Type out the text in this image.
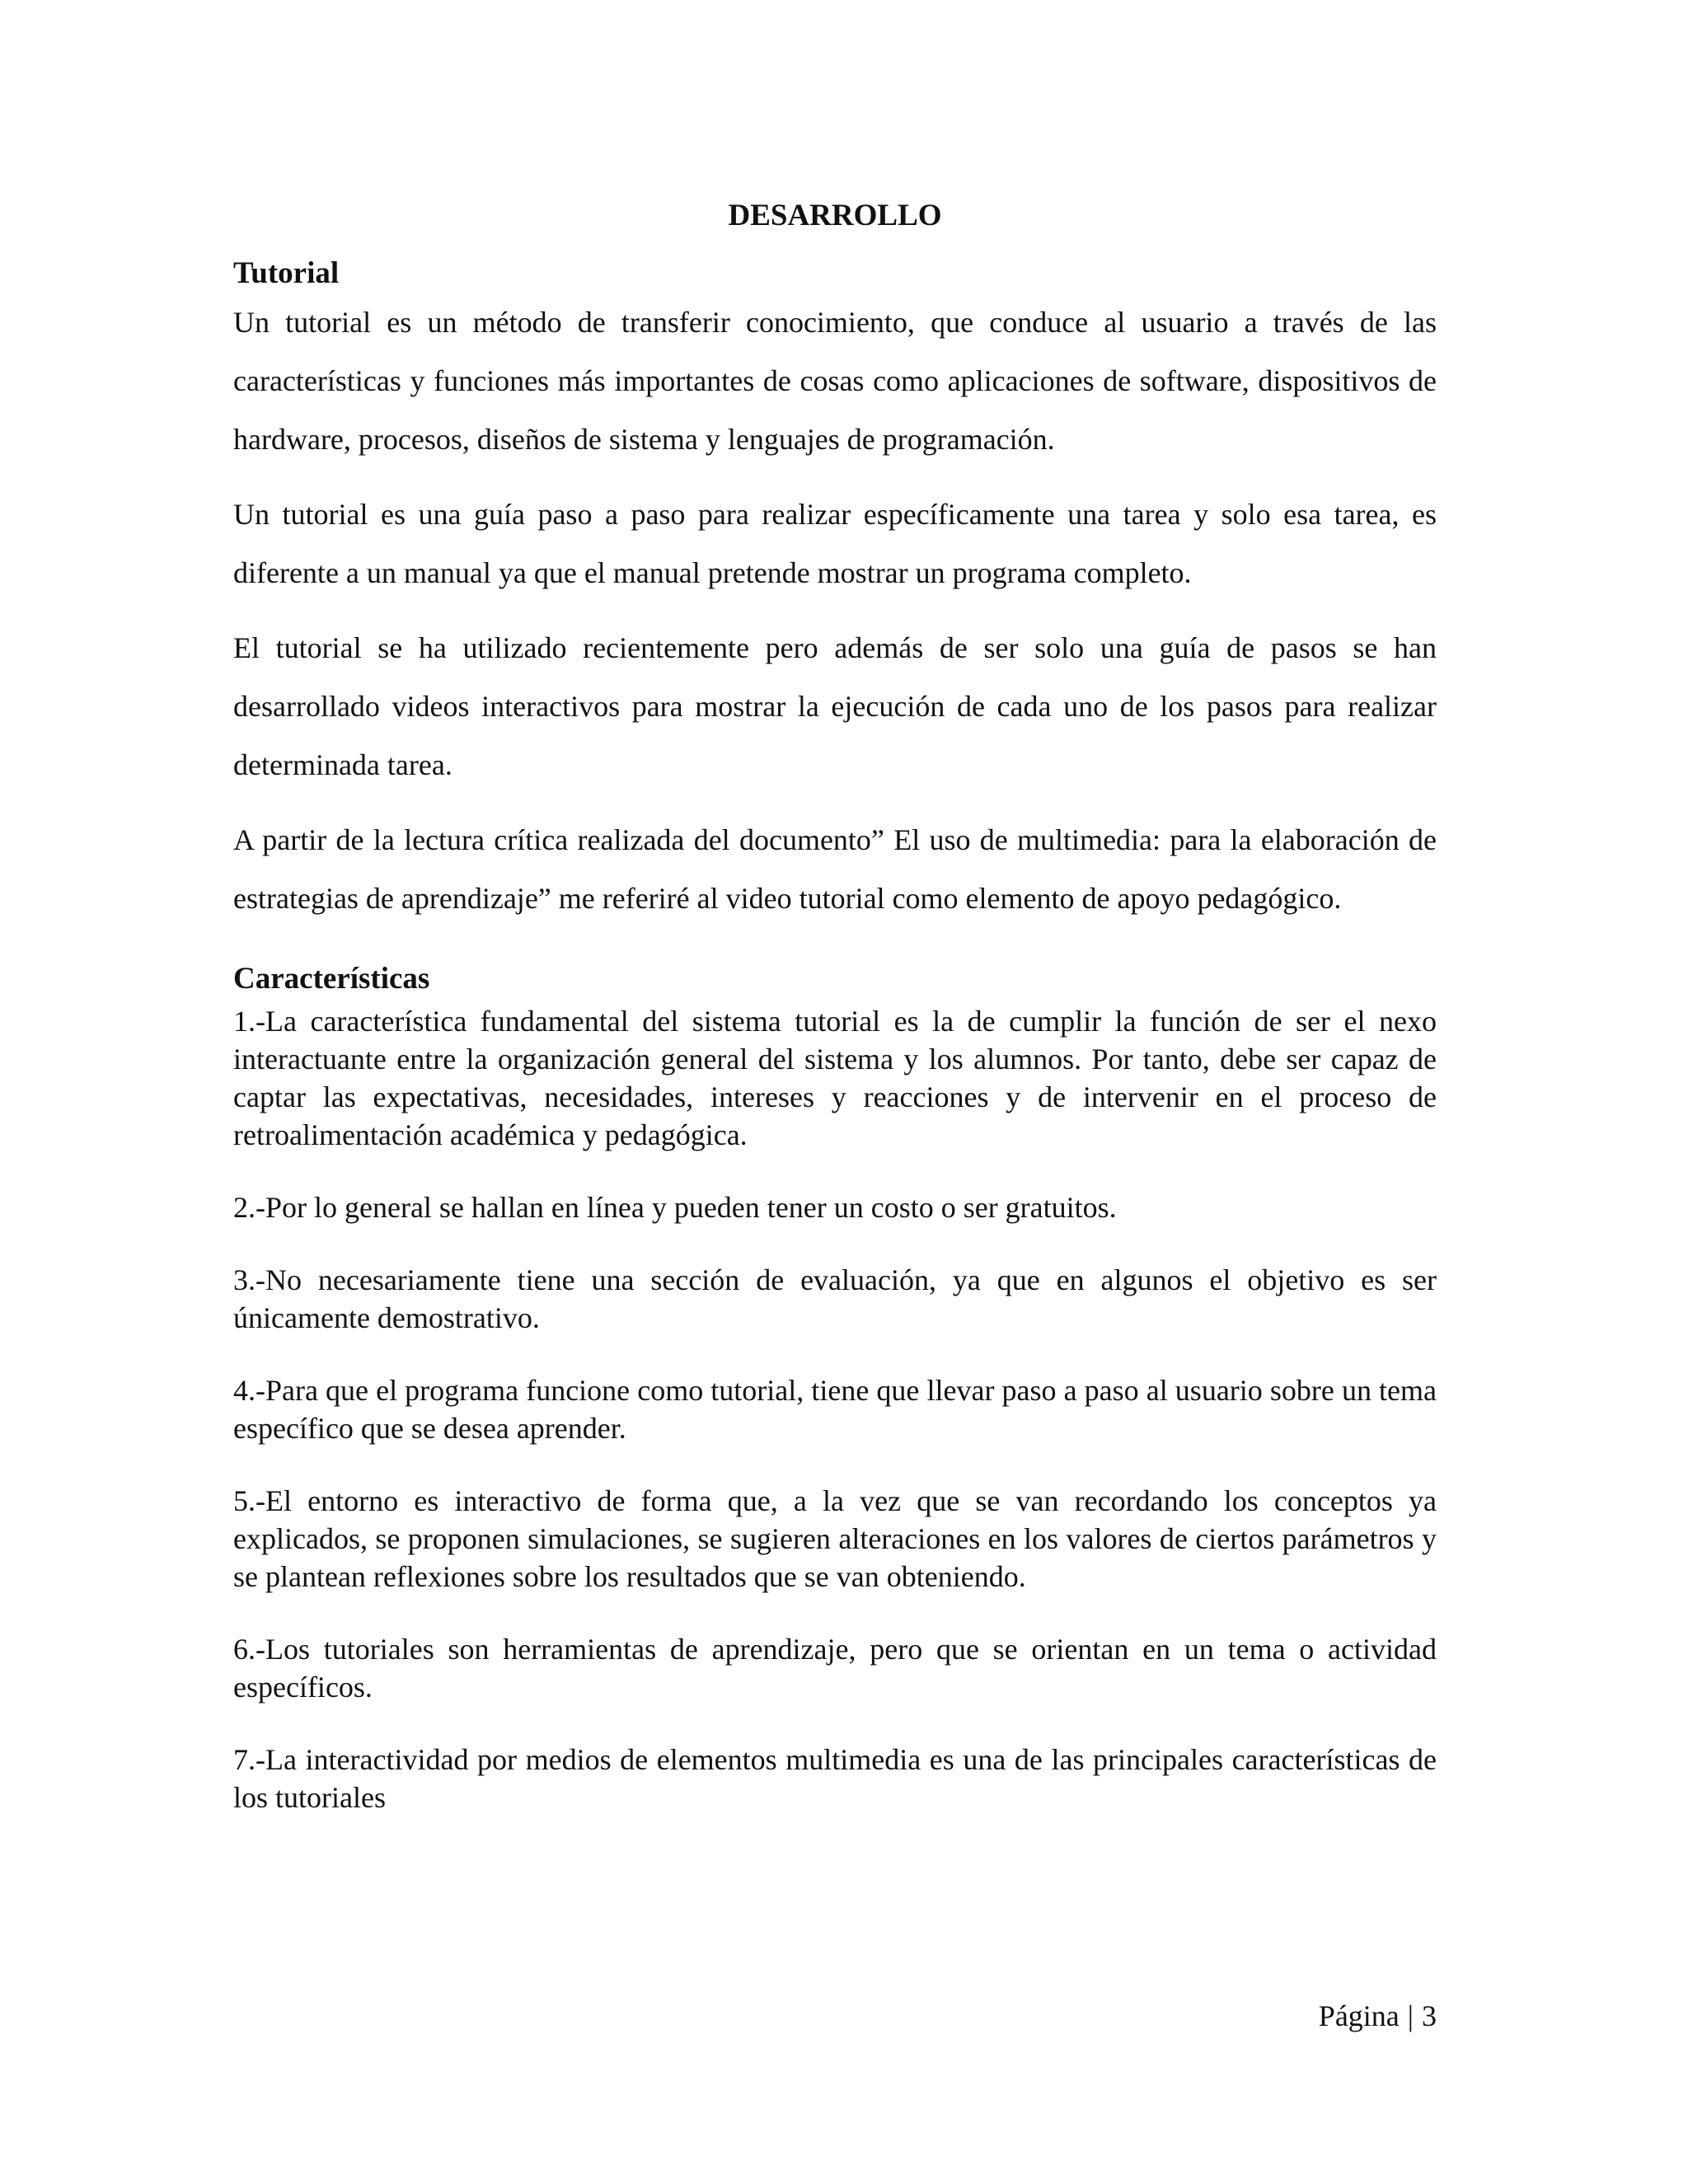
DESARROLLO
Tutorial

Un tutorial es un método de transferir conocimiento, que conduce al usuario a través de las características y funciones más importantes de cosas como aplicaciones de software, dispositivos de hardware, procesos, diseños de sistema y lenguajes de programación.

Un tutorial es una guía paso a paso para realizar específicamente una tarea y solo esa tarea, es diferente a un manual ya que el manual pretende mostrar un programa completo.

El tutorial se ha utilizado recientemente pero además de ser solo una guía de pasos se han desarrollado videos interactivos para mostrar la ejecución de cada uno de los pasos para realizar determinada tarea.

A partir de la lectura crítica realizada del documento” El uso de multimedia: para la elaboración de estrategias de aprendizaje” me referiré al video tutorial como elemento de apoyo pedagógico.

Características

1.-La característica fundamental del sistema tutorial es la de cumplir la función de ser el nexo interactuante entre la organización general del sistema y los alumnos. Por tanto, debe ser capaz de captar las expectativas, necesidades, intereses y reacciones y de intervenir en el proceso de retroalimentación académica y pedagógica.

2.-Por lo general se hallan en línea y pueden tener un costo o ser gratuitos.

3.-No necesariamente tiene una sección de evaluación, ya que en algunos el objetivo es ser únicamente demostrativo.

4.-Para que el programa funcione como tutorial, tiene que llevar paso a paso al usuario sobre un tema específico que se desea aprender.

5.-El entorno es interactivo de forma que, a la vez que se van recordando los conceptos ya explicados, se proponen simulaciones, se sugieren alteraciones en los valores de ciertos parámetros y se plantean reflexiones sobre los resultados que se van obteniendo.

6.-Los tutoriales son herramientas de aprendizaje, pero que se orientan en un tema o actividad específicos.

7.-La interactividad por medios de elementos multimedia es una de las principales características de los tutoriales

Página | 3
